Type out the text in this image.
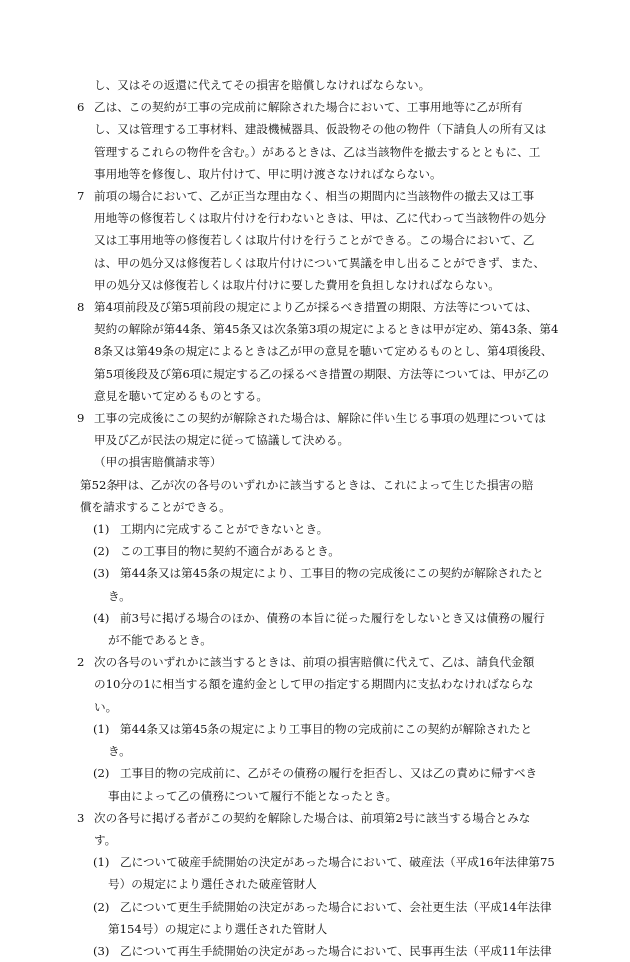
し、又はその返還に代えてその損害を賠償しなければならない。
6 乙は、この契約が工事の完成前に解除された場合において、工事用地等に乙が所有
し、又は管理する工事材料、建設機械器具、仮設物その他の物件（下請負人の所有又は
管理するこれらの物件を含む。）があるときは、乙は当該物件を撤去するとともに、工
事用地等を修復し、取片付けて、甲に明け渡さなければならない。
7 前項の場合において、乙が正当な理由なく、相当の期間内に当該物件の撤去又は工事
用地等の修復若しくは取片付けを行わないときは、甲は、乙に代わって当該物件の処分
又は工事用地等の修復若しくは取片付けを行うことができる。この場合において、乙
は、甲の処分又は修復若しくは取片付けについて異議を申し出ることができず、また、
甲の処分又は修復若しくは取片付けに要した費用を負担しなければならない。
8 第4項前段及び第5項前段の規定により乙が採るべき措置の期限、方法等については、
契約の解除が第44条、第45条又は次条第3項の規定によるときは甲が定め、第43条、第4
8条又は第49条の規定によるときは乙が甲の意見を聴いて定めるものとし、第4項後段、
第5項後段及び第6項に規定する乙の採るべき措置の期限、方法等については、甲が乙の
意見を聴いて定めるものとする。
9 工事の完成後にこの契約が解除された場合は、解除に伴い生じる事項の処理については
甲及び乙が民法の規定に従って協議して決める。
（甲の損害賠償請求等）
第52条
甲は、乙が次の各号のいずれかに該当するときは、これによって生じた損害の賠
償を請求することができる。
(1) 工期内に完成することができないとき。
(2) この工事目的物に契約不適合があるとき。
(3) 第44条又は第45条の規定により、工事目的物の完成後にこの契約が解除されたと
き。
(4) 前3号に掲げる場合のほか、債務の本旨に従った履行をしないとき又は債務の履行
が不能であるとき。
2 次の各号のいずれかに該当するときは、前項の損害賠償に代えて、乙は、請負代金額
の10分の1に相当する額を違約金として甲の指定する期間内に支払わなければならな
い。
(1) 第44条又は第45条の規定により工事目的物の完成前にこの契約が解除されたと
き。
(2) 工事目的物の完成前に、乙がその債務の履行を拒否し、又は乙の責めに帰すべき
事由によって乙の債務について履行不能となったとき。
3 次の各号に掲げる者がこの契約を解除した場合は、前項第2号に該当する場合とみな
す。
(1) 乙について破産手続開始の決定があった場合において、破産法（平成16年法律第75
号）の規定により選任された破産管財人
(2) 乙について更生手続開始の決定があった場合において、会社更生法（平成14年法律
第154号）の規定により選任された管財人
(3) 乙について再生手続開始の決定があった場合において、民事再生法（平成11年法律
